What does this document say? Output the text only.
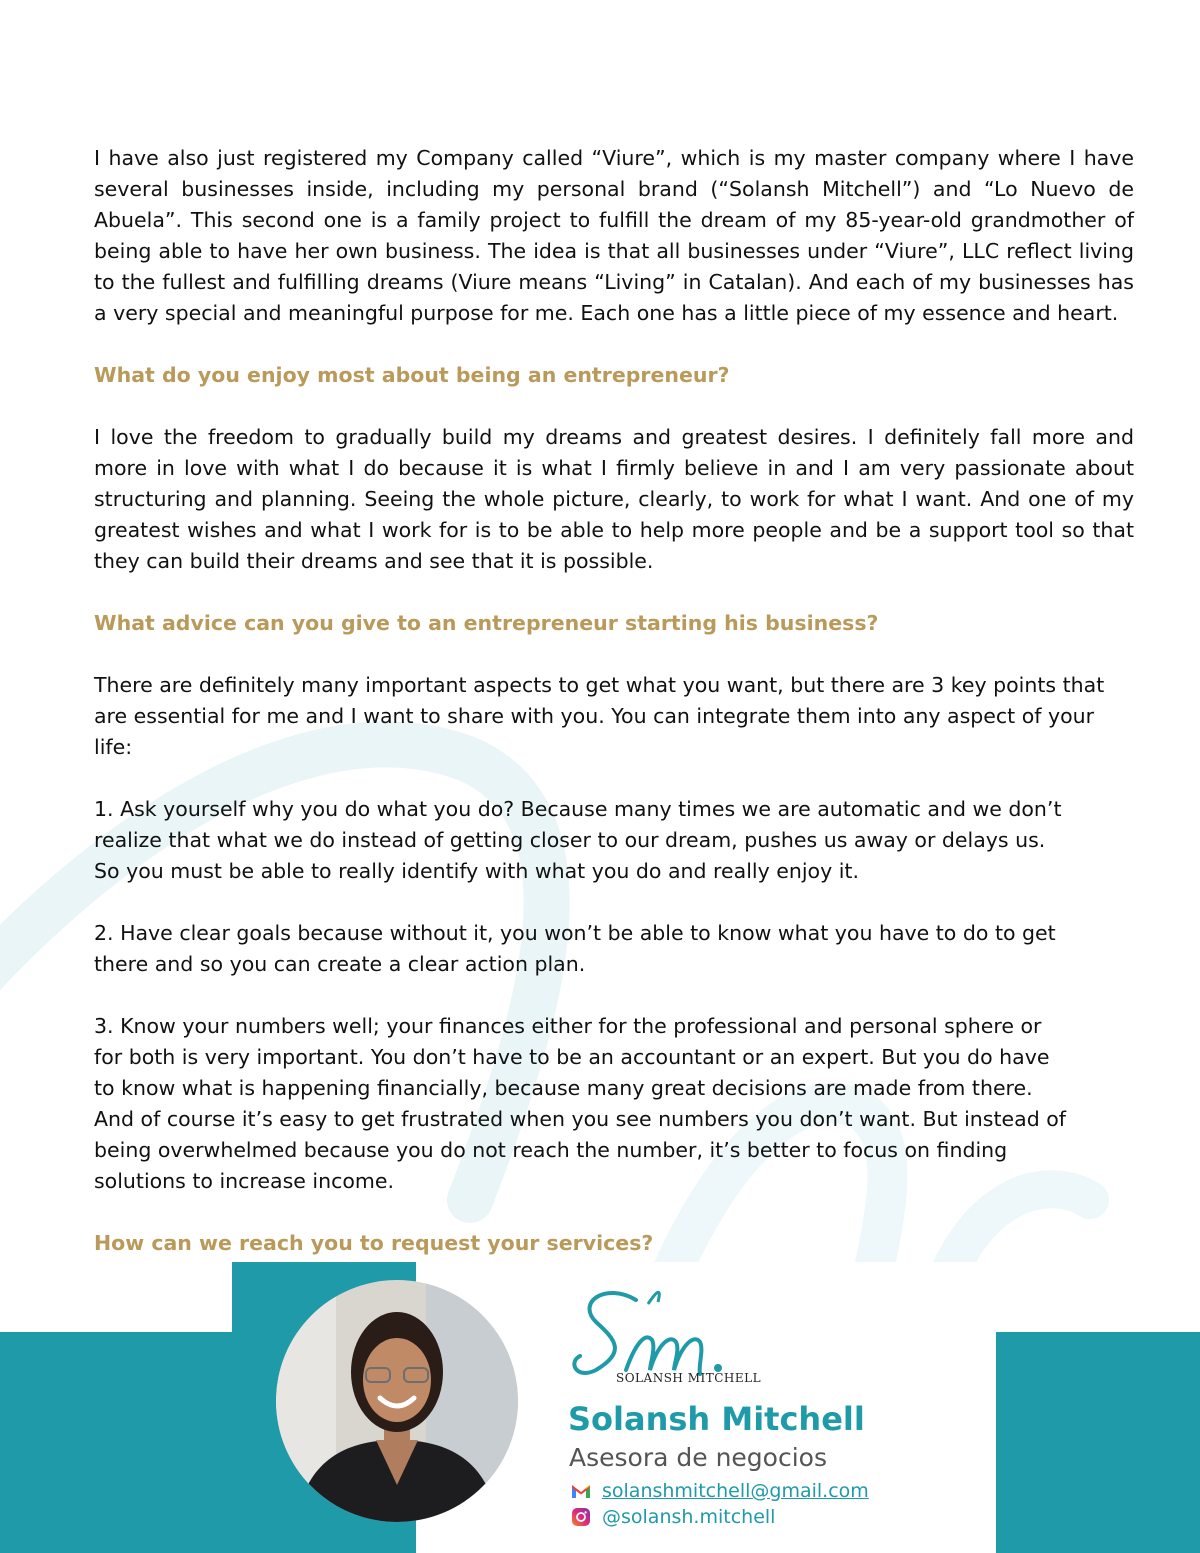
I have also just registered my Company called “Viure”, which is my master company where I have several businesses inside, including my personal brand (“Solansh Mitchell”) and “Lo Nuevo de Abuela”. This second one is a family project to fulfill the dream of my 85-year-old grandmother of being able to have her own business. The idea is that all businesses under “Viure”, LLC reflect living to the fullest and fulfilling dreams (Viure means “Living” in Catalan). And each of my businesses has a very special and meaningful purpose for me. Each one has a little piece of my essence and heart.

What do you enjoy most about being an entrepreneur?

I love the freedom to gradually build my dreams and greatest desires. I definitely fall more and

more in love with what I do because it is what I firmly believe in and I am very passionate about structuring and planning. Seeing the whole picture, clearly, to work for what I want. And one of my greatest wishes and what I work for is to be able to help more people and be a support tool so that they can build their dreams and see that it is possible.

What advice can you give to an entrepreneur starting his business?

There are definitely many important aspects to get what you want, but there are 3 key points that are essential for me and I want to share with you. You can integrate them into any aspect of your life:

1. Ask yourself why you do what you do? Because many times we are automatic and we don’t realize that what we do instead of getting closer to our dream, pushes us away or delays us. So you must be able to really identify with what you do and really enjoy it.

2. Have clear goals because without it, you won’t be able to know what you have to do to get there and so you can create a clear action plan.

3. Know your numbers well; your finances either for the professional and personal sphere or for both is very important. You don’t have to be an accountant or an expert. But you do have to know what is happening financially, because many great decisions are made from there. And of course it’s easy to get frustrated when you see numbers you don’t want. But instead of being overwhelmed because you do not reach the number, it’s better to focus on finding solutions to increase income.

How can we reach you to request your services?

SOLANSH MITCHELL
Solansh Mitchell
Asesora de negocios
solanshmitchell@gmail.com
@solansh.mitchell
